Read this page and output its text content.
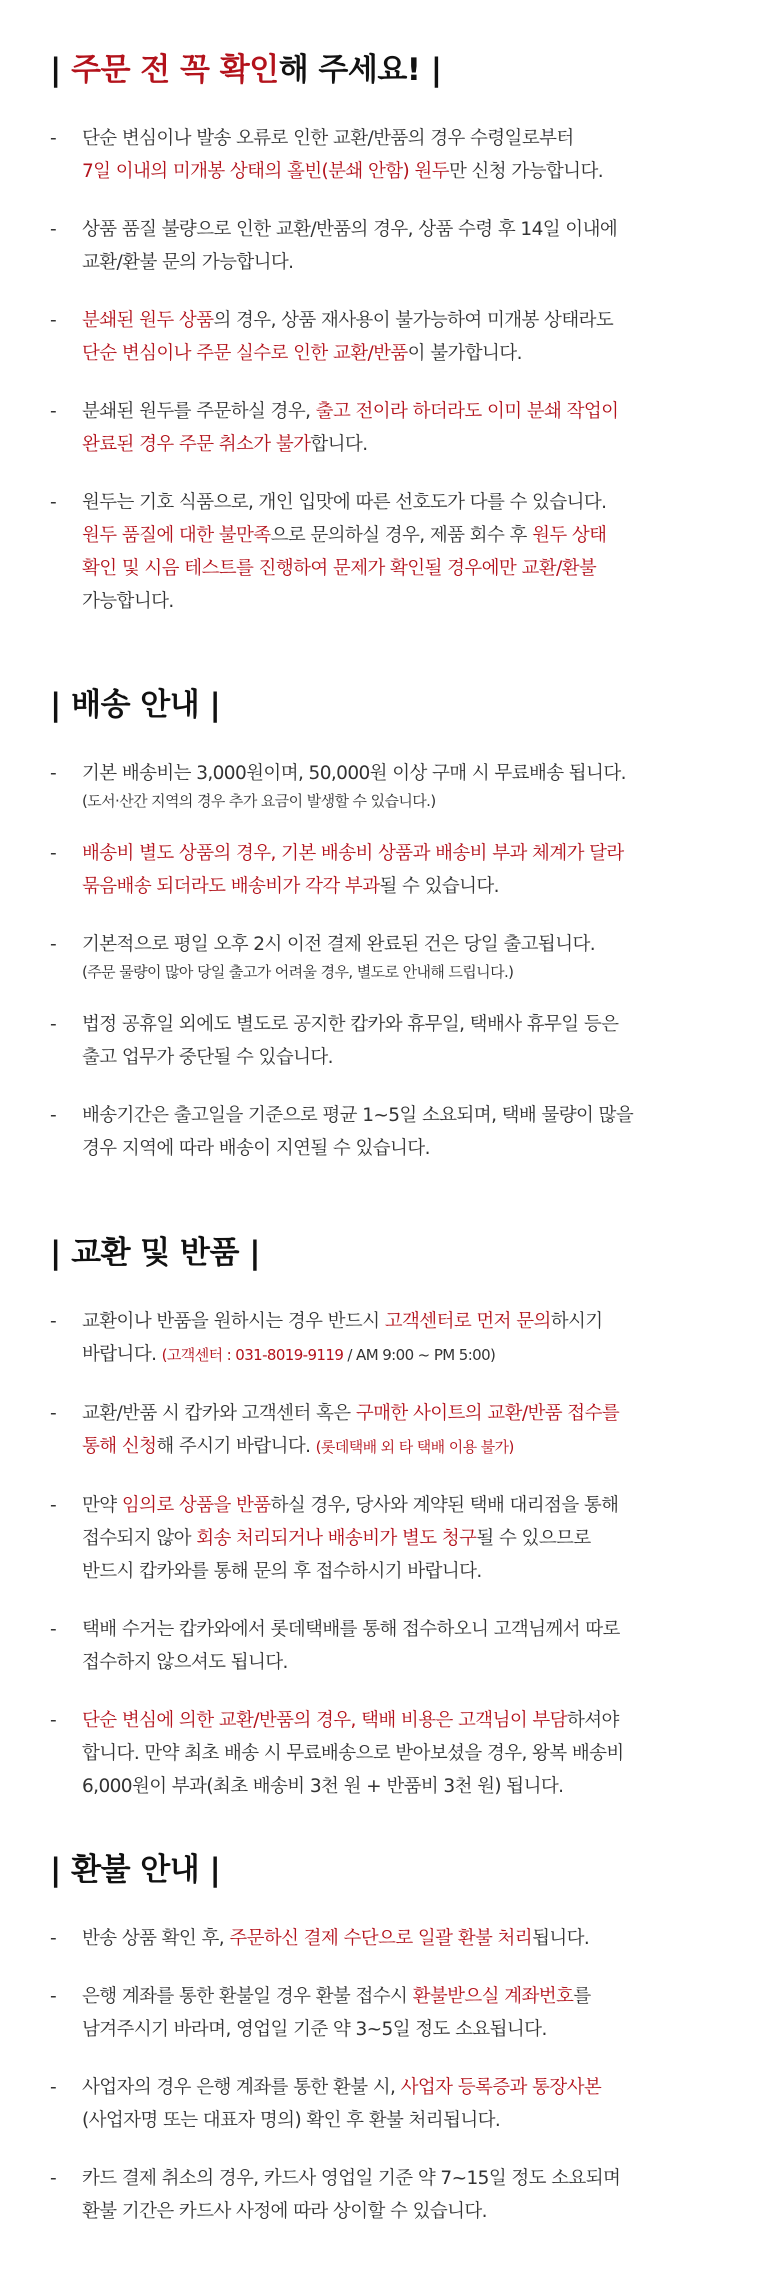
| 주문 전 꼭 확인해 주세요! |
- 단순 변심이나 발송 오류로 인한 교환/반품의 경우 수령일로부터
7일 이내의 미개봉 상태의 홀빈(분쇄 안함) 원두만 신청 가능합니다.
- 상품 품질 불량으로 인한 교환/반품의 경우, 상품 수령 후 14일 이내에
교환/환불 문의 가능합니다.
- 분쇄된 원두 상품의 경우, 상품 재사용이 불가능하여 미개봉 상태라도
단순 변심이나 주문 실수로 인한 교환/반품이 불가합니다.
- 분쇄된 원두를 주문하실 경우, 출고 전이라 하더라도 이미 분쇄 작업이
완료된 경우 주문 취소가 불가합니다.
- 원두는 기호 식품으로, 개인 입맛에 따른 선호도가 다를 수 있습니다.
원두 품질에 대한 불만족으로 문의하실 경우, 제품 회수 후 원두 상태
확인 및 시음 테스트를 진행하여 문제가 확인될 경우에만 교환/환불
가능합니다.
| 배송 안내 |
- 기본 배송비는 3,000원이며, 50,000원 이상 구매 시 무료배송 됩니다.
(도서·산간 지역의 경우 추가 요금이 발생할 수 있습니다.)
- 배송비 별도 상품의 경우, 기본 배송비 상품과 배송비 부과 체계가 달라
묶음배송 되더라도 배송비가 각각 부과될 수 있습니다.
- 기본적으로 평일 오후 2시 이전 결제 완료된 건은 당일 출고됩니다.
(주문 물량이 많아 당일 출고가 어려울 경우, 별도로 안내해 드립니다.)
- 법정 공휴일 외에도 별도로 공지한 캅카와 휴무일, 택배사 휴무일 등은
출고 업무가 중단될 수 있습니다.
- 배송기간은 출고일을 기준으로 평균 1~5일 소요되며, 택배 물량이 많을
경우 지역에 따라 배송이 지연될 수 있습니다.
| 교환 및 반품 |
- 교환이나 반품을 원하시는 경우 반드시 고객센터로 먼저 문의하시기
바랍니다. (고객센터 : 031-8019-9119 / AM 9:00 ~ PM 5:00)
- 교환/반품 시 캅카와 고객센터 혹은 구매한 사이트의 교환/반품 접수를
통해 신청해 주시기 바랍니다. (롯데택배 외 타 택배 이용 불가)
- 만약 임의로 상품을 반품하실 경우, 당사와 계약된 택배 대리점을 통해
접수되지 않아 회송 처리되거나 배송비가 별도 청구될 수 있으므로
반드시 캅카와를 통해 문의 후 접수하시기 바랍니다.
- 택배 수거는 캅카와에서 롯데택배를 통해 접수하오니 고객님께서 따로
접수하지 않으셔도 됩니다.
- 단순 변심에 의한 교환/반품의 경우, 택배 비용은 고객님이 부담하셔야
합니다. 만약 최초 배송 시 무료배송으로 받아보셨을 경우, 왕복 배송비
6,000원이 부과(최초 배송비 3천 원 + 반품비 3천 원) 됩니다.
| 환불 안내 |
- 반송 상품 확인 후, 주문하신 결제 수단으로 일괄 환불 처리됩니다.
- 은행 계좌를 통한 환불일 경우 환불 접수시 환불받으실 계좌번호를
남겨주시기 바라며, 영업일 기준 약 3~5일 정도 소요됩니다.
- 사업자의 경우 은행 계좌를 통한 환불 시, 사업자 등록증과 통장사본
(사업자명 또는 대표자 명의) 확인 후 환불 처리됩니다.
- 카드 결제 취소의 경우, 카드사 영업일 기준 약 7~15일 정도 소요되며
환불 기간은 카드사 사정에 따라 상이할 수 있습니다.
